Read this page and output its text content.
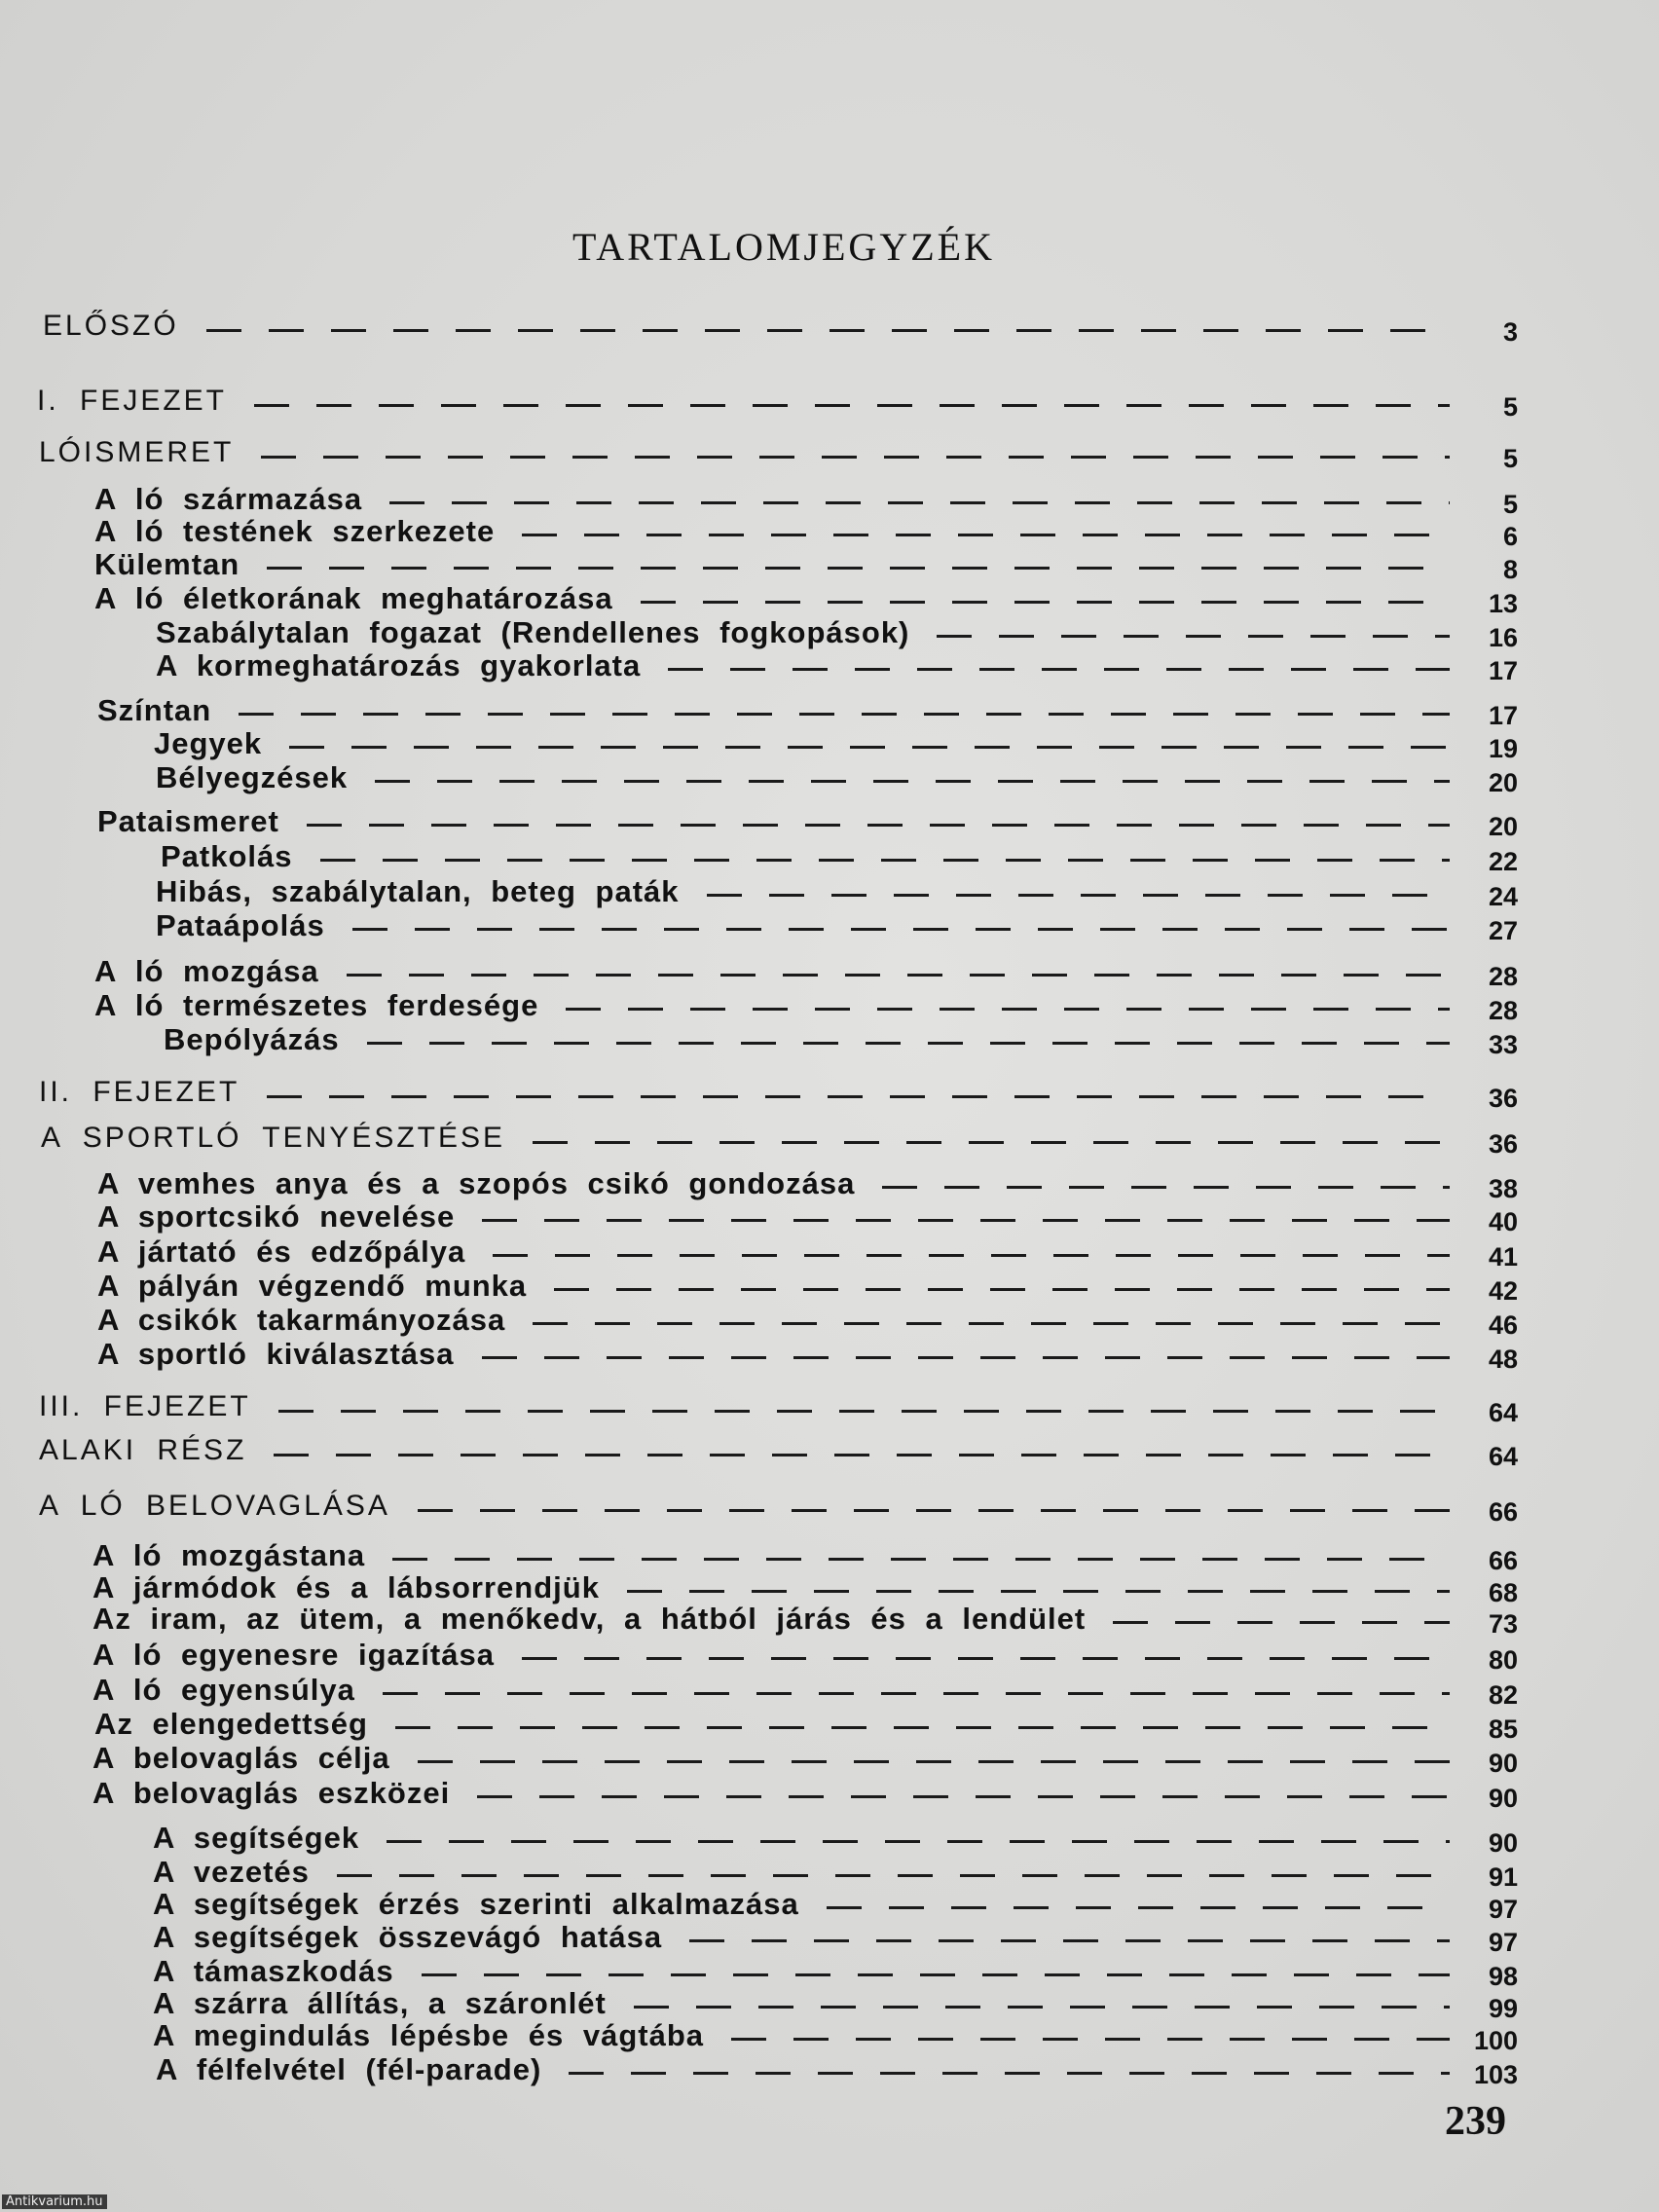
TARTALOMJEGYZÉK
ELŐSZÓ	3
I. FEJEZET	5
LÓISMERET	5
A ló származása	5
A ló testének szerkezete	6
Külemtan	8
A ló életkorának meghatározása	13
Szabálytalan fogazat (Rendellenes fogkopások)	16
A kormeghatározás gyakorlata	17
Színtan	17
Jegyek	19
Bélyegzések	20
Pataismeret	20
Patkolás	22
Hibás, szabálytalan, beteg paták	24
Pataápolás	27
A ló mozgása	28
A ló természetes ferdesége	28
Bepólyázás	33
II. FEJEZET	36
A SPORTLÓ TENYÉSZTÉSE	36
A vemhes anya és a szopós csikó gondozása	38
A sportcsikó nevelése	40
A jártató és edzőpálya	41
A pályán végzendő munka	42
A csikók takarmányozása	46
A sportló kiválasztása	48
III. FEJEZET	64
ALAKI RÉSZ	64
A LÓ BELOVAGLÁSA	66
A ló mozgástana	66
A jármódok és a lábsorrendjük	68
Az iram, az ütem, a menőkedv, a hátból járás és a lendület	73
A ló egyenesre igazítása	80
A ló egyensúlya	82
Az elengedettség	85
A belovaglás célja	90
A belovaglás eszközei	90
A segítségek	90
A vezetés	91
A segítségek érzés szerinti alkalmazása	97
A segítségek összevágó hatása	97
A támaszkodás	98
A szárra állítás, a száronlét	99
A megindulás lépésbe és vágtába	100
A félfelvétel (fél-parade)	103
239
Antikvarium.hu
